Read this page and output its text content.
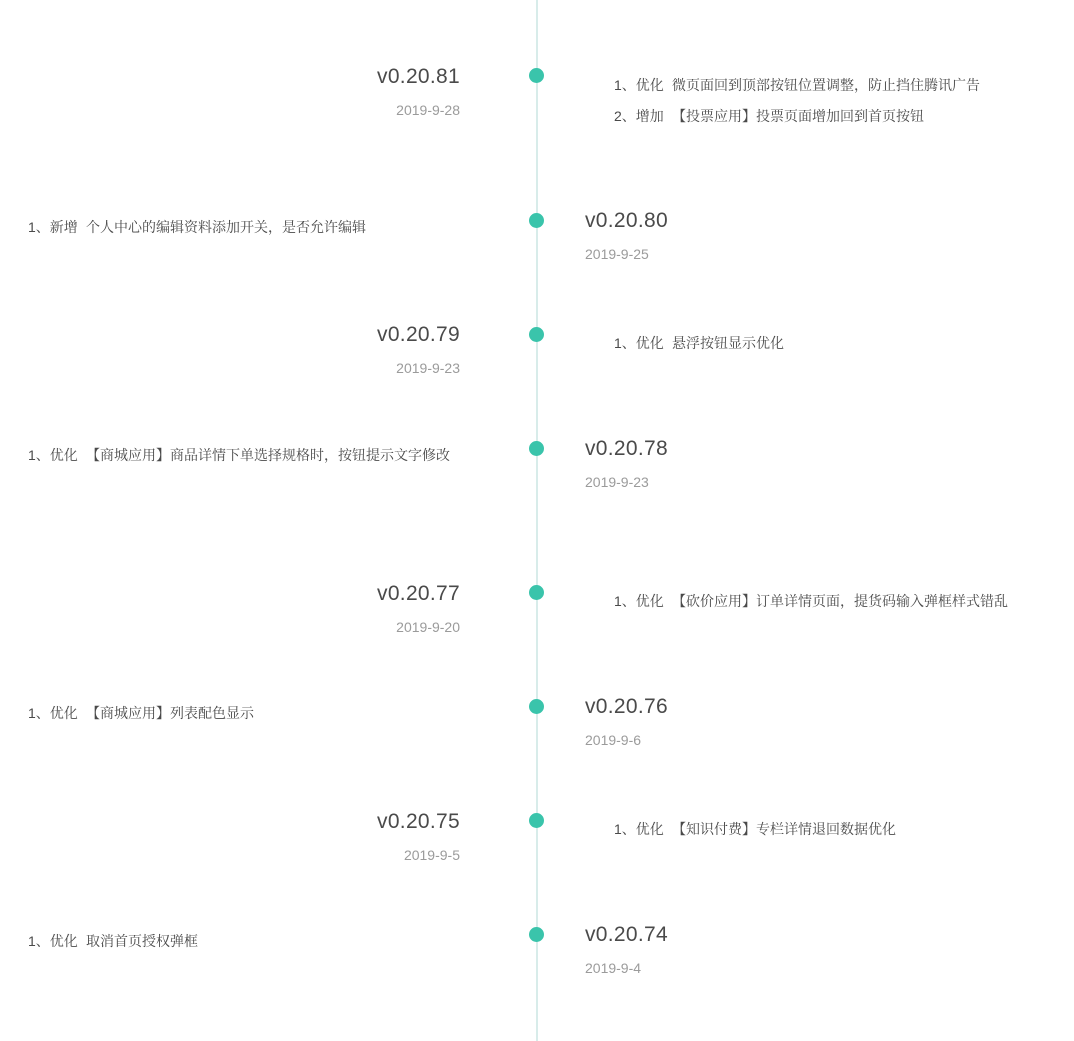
v0.20.81
2019-9-28
1、优化 微页面回到顶部按钮位置调整，防止挡住腾讯广告
2、增加 【投票应用】投票页面增加回到首页按钮
v0.20.80
2019-9-25
1、新增 个人中心的编辑资料添加开关，是否允许编辑
v0.20.79
2019-9-23
1、优化 悬浮按钮显示优化
v0.20.78
2019-9-23
1、优化 【商城应用】商品详情下单选择规格时，按钮提示文字修改
v0.20.77
2019-9-20
1、优化 【砍价应用】订单详情页面，提货码输入弹框样式错乱
v0.20.76
2019-9-6
1、优化 【商城应用】列表配色显示
v0.20.75
2019-9-5
1、优化 【知识付费】专栏详情退回数据优化
v0.20.74
2019-9-4
1、优化 取消首页授权弹框
